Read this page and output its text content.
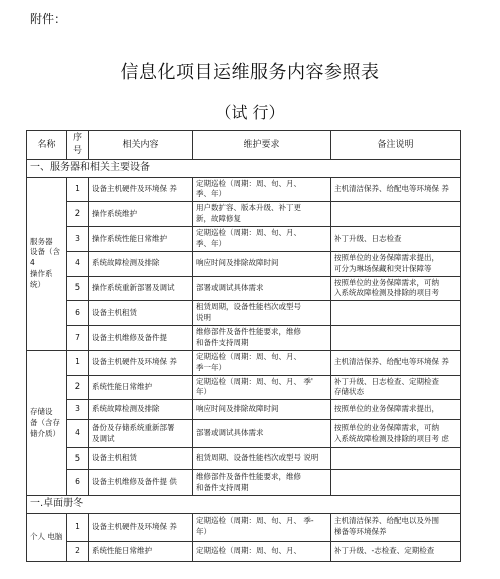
附件：
信息化项目运维服务内容参照表
（试 行）
名称	序号	相关内容	维护要求	备注说明
一、服务器和相关主要设备				
服务器
设备（含4
操作系
统）	1	设备主机硬件及环境保 养	定期巡检（周期：周、旬、月、
季、年）	主机清洁保养、给配电等环境保 养
	2	操作系统维护	用户数扩容、版本升级、补丁更
新，故障修复	
	3	操作系统性能日常维护	定期巡检（周期：周、旬、月、
季、年）	补丁升级、日志检查
	4	系统故障检测及排除	响应时间及排除故障时间	按照单位的业务保障需求提出，
可分为琳场保藏和突计保障等
	5	操作系统重新部署及调试	部署或调试具体需求	按照单位的业务保障需求，可纳
入系统故障检测及排除的项目考
	6	设备主机租赁	租赁周期，设备性能档次或型号
说明	
	7	设备主机维修及备件提	维修部件及备件性能要求，维修
和备件支持周期	
存储设
备（含存
储介质）	1	设备主机硬件及环境保 养	定期巡检（周期：周、旬、月、
季一年）	主机清洁保养、给配电等环境保 养
	2	系统性能日常维护	定期巡检（周期：周、旬、月、 季'
年）	补丁升级、日志检查、定期检查
存储状态
	3	系统故障检测及排除	响应时间及排除故障时间	按照单位的业务保障需求提出，
	4	备份及存储系统重新部署
及调试	部署或调试具体需求	按照单位的业务保障需求，可纳
入系统故障检测及排除的项目考 虑
	5	设备主机租赁	租赁周期、设备性能档次或型号 说明	
	6	设备主机维修及备件提 供	维修部件及备件性能要求，维修
和备件支持周期	
一.卓面册冬				
个人 电脑	1	设备主机硬件及环境保 养	定期巡检（周期：周、旬、月、 季-
年）	主机清洁保养、给配电以及外围
梯备等环境保养
	2	系统性能日常维护	定期巡检（周期：周、旬、月、	补丁升级、-志检查、定期检查
